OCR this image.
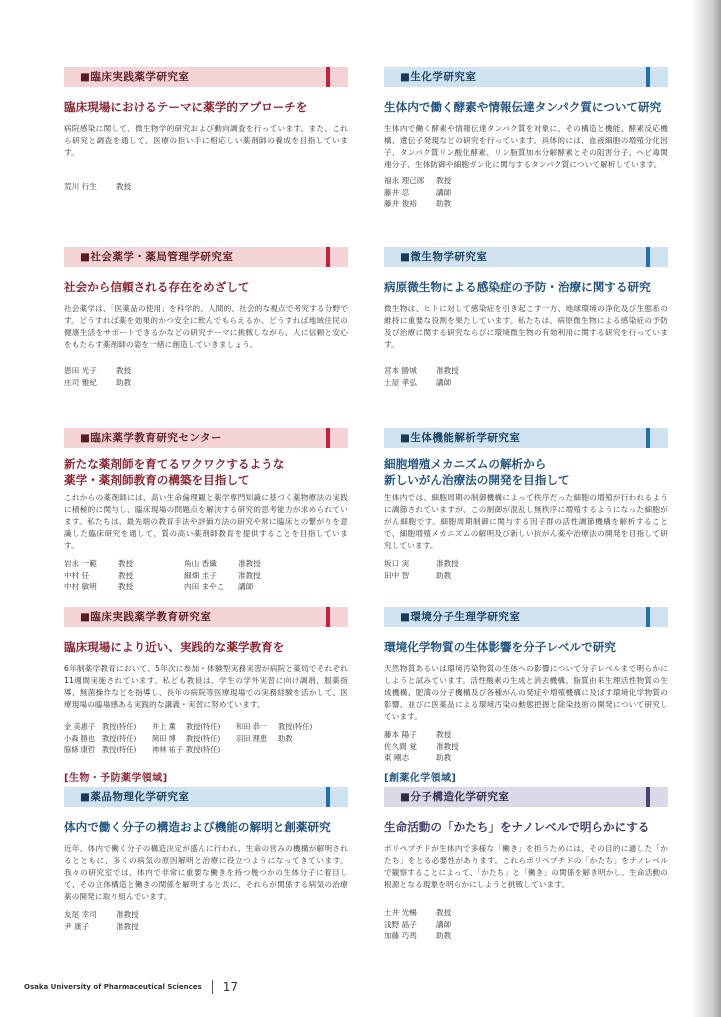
■臨床実践薬学研究室
臨床現場におけるテーマに薬学的アプローチを
病院感染に関して、微生物学的研究および動向調査を行っています。また、これら研究と調査を通して、医療の担い手に相応しい薬剤師の養成を目指しています。
荒川 行生	教授
■社会薬学・薬局管理学研究室
社会から信頼される存在をめざして
社会薬学は、「医薬品の使用」を科学的、人間的、社会的な視点で考究する分野です。どうすれば薬を効果的かつ安全に飲んでもらえるか、どうすれば地域住民の健康生活をサポートできるかなどの研究テーマに挑戦しながら、人に信頼と安心をもたらす薬剤師の姿を一緒に創造していきましょう。
恩田 光子	教授
庄司 雅紀	助教
■臨床薬学教育研究センター
新たな薬剤師を育てるワクワクするような
薬学・薬剤師教育の構築を目指して
これからの薬剤師には、高い生命倫理観と薬学専門知識に基づく薬物療法の実践に積極的に関与し、臨床現場の問題点を解決する研究的思考能力が求められています。私たちは、最先端の教育手法や評価方法の研究や常に臨床との繋がりを意識した臨床研究を通して、質の高い薬剤師教育を提供することを目指しています。
岩永 一範	教授	角山 香織	准教授
中村 任	教授	細畑 圭子	准教授
中村 敏明	教授	内田 まやこ	講師
■臨床実践薬学教育研究室
臨床現場により近い、実践的な薬学教育を
6年制薬学教育において、5年次に参加・体験型実務実習が病院と薬局でそれぞれ11週間実施されています。私ども教員は、学生の学外実習に向け調剤、服薬指導、無菌操作などを指導し、長年の病院等医療現場での実務経験を活かして、医療現場の臨場感ある実践的な講義・実習に努めています。
金 美惠子 教授(特任)	井上 薫	教授(特任)	和田 恭一	教授(特任)
小森 勝也 教授(特任)	岡田 博	教授(特任)	羽田 理恵	助教
脇條 康哲 教授(特任)	神林 祐子 教授(特任)
[生物・予防薬学領域]
■薬品物理化学研究室
体内で働く分子の構造および機能の解明と創薬研究
近年、体内で働く分子の構造決定が盛んに行われ、生命の営みの機構が解明されるとともに、多くの病気の原因解明と治療に役立つようになってきています。我々の研究室では、体内で非常に重要な働きを持つ幾つかの生体分子に着目して、その立体構造と働きの関係を解明すると共に、それらが関係する病気の治療薬の開発に取り組んでいます。
友尾 幸司	准教授
尹 康子	准教授
■生化学研究室
生体内で働く酵素や情報伝達タンパク質について研究
生体内で働く酵素や情報伝達タンパク質を対象に、その構造と機能、酵素反応機構、遺伝子発現などの研究を行っています。具体的には、血液細胞の増殖分化因子、タンパク質リン酸化酵素、リン脂質加水分解酵素とその阻害分子、ヘビ毒関連分子、生体防御や細胞ガン化に関与するタンパク質について解析しています。
福永 理己郎	教授
藤井 忍	講師
藤井 俊裕	助教
■微生物学研究室
病原微生物による感染症の予防・治療に関する研究
微生物は、ヒトに対して感染症を引き起こす一方、地球環境の浄化及び生態系の維持に重要な役割を果たしています。私たちは、病原微生物による感染症の予防及び治療に関する研究ならびに環境微生物の有効利用に関する研究を行っています。
宮本 勝城	准教授
土屋 孝弘	講師
■生体機能解析学研究室
細胞増殖メカニズムの解析から
新しいがん治療法の開発を目指して
生体内では、細胞周期の制御機構によって秩序だった細胞の増殖が行われるように調節されていますが、この制御が混乱し無秩序に増殖するようになった細胞ががん細胞です。細胞周期制御に関与する因子群の活性調節機構を解析することで、細胞増殖メカニズムの解明及び新しい抗がん薬や治療法の開発を目指して研究しています。
坂口 実	准教授
田中 智	助教
■環境分子生理学研究室
環境化学物質の生体影響を分子レベルで研究
天然物質あるいは環境汚染物質の生体への影響について分子レベルまで明らかにしようと試みています。活性酸素の生成と消去機構、脂質由来生理活性物質の生成機構、肥満の分子機構及び各種がんの発症や増殖機構に及ぼす環境化学物質の影響、並びに医薬品による環境汚染の動態把握と除染技術の開発について研究しています。
藤本 陽子	教授
佐久間 覚	准教授
東 剛志	助教
[創薬化学領域]
■分子構造化学研究室
生命活動の「かたち」をナノレベルで明らかにする
ポリペプチドが生体内で多様な「働き」を担うためには、その目的に適した「かたち」をとる必要性があります。これらポリペプチドの「かたち」をナノレベルで観察することによって、「かたち」と「働き」の関係を解き明かし、生命活動の根源となる現象を明らかにしようと挑戦しています。
土井 光暢	教授
浅野 晶子	講師
加藤 巧馬	助教
Osaka University of Pharmaceutical Sciences 17
